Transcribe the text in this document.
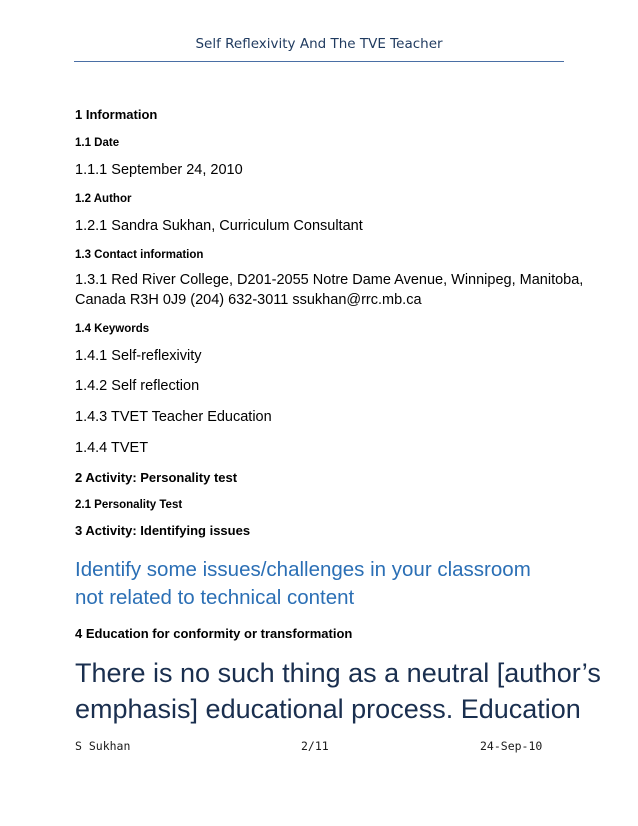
Self Reflexivity And The TVE Teacher
1 Information
1.1 Date
1.1.1 September 24, 2010
1.2 Author
1.2.1 Sandra Sukhan, Curriculum Consultant
1.3 Contact information
1.3.1 Red River College, D201-2055 Notre Dame Avenue, Winnipeg, Manitoba,
Canada R3H 0J9 (204) 632-3011 ssukhan@rrc.mb.ca
1.4 Keywords
1.4.1 Self-reflexivity
1.4.2 Self reflection
1.4.3 TVET Teacher Education
1.4.4 TVET
2 Activity: Personality test
2.1 Personality Test
3 Activity: Identifying issues
Identify some issues/challenges in your classroom
not related to technical content
4 Education for conformity or transformation
There is no such thing as a neutral [author’s
emphasis] educational process. Education
S Sukhan	2/11	24-Sep-10
